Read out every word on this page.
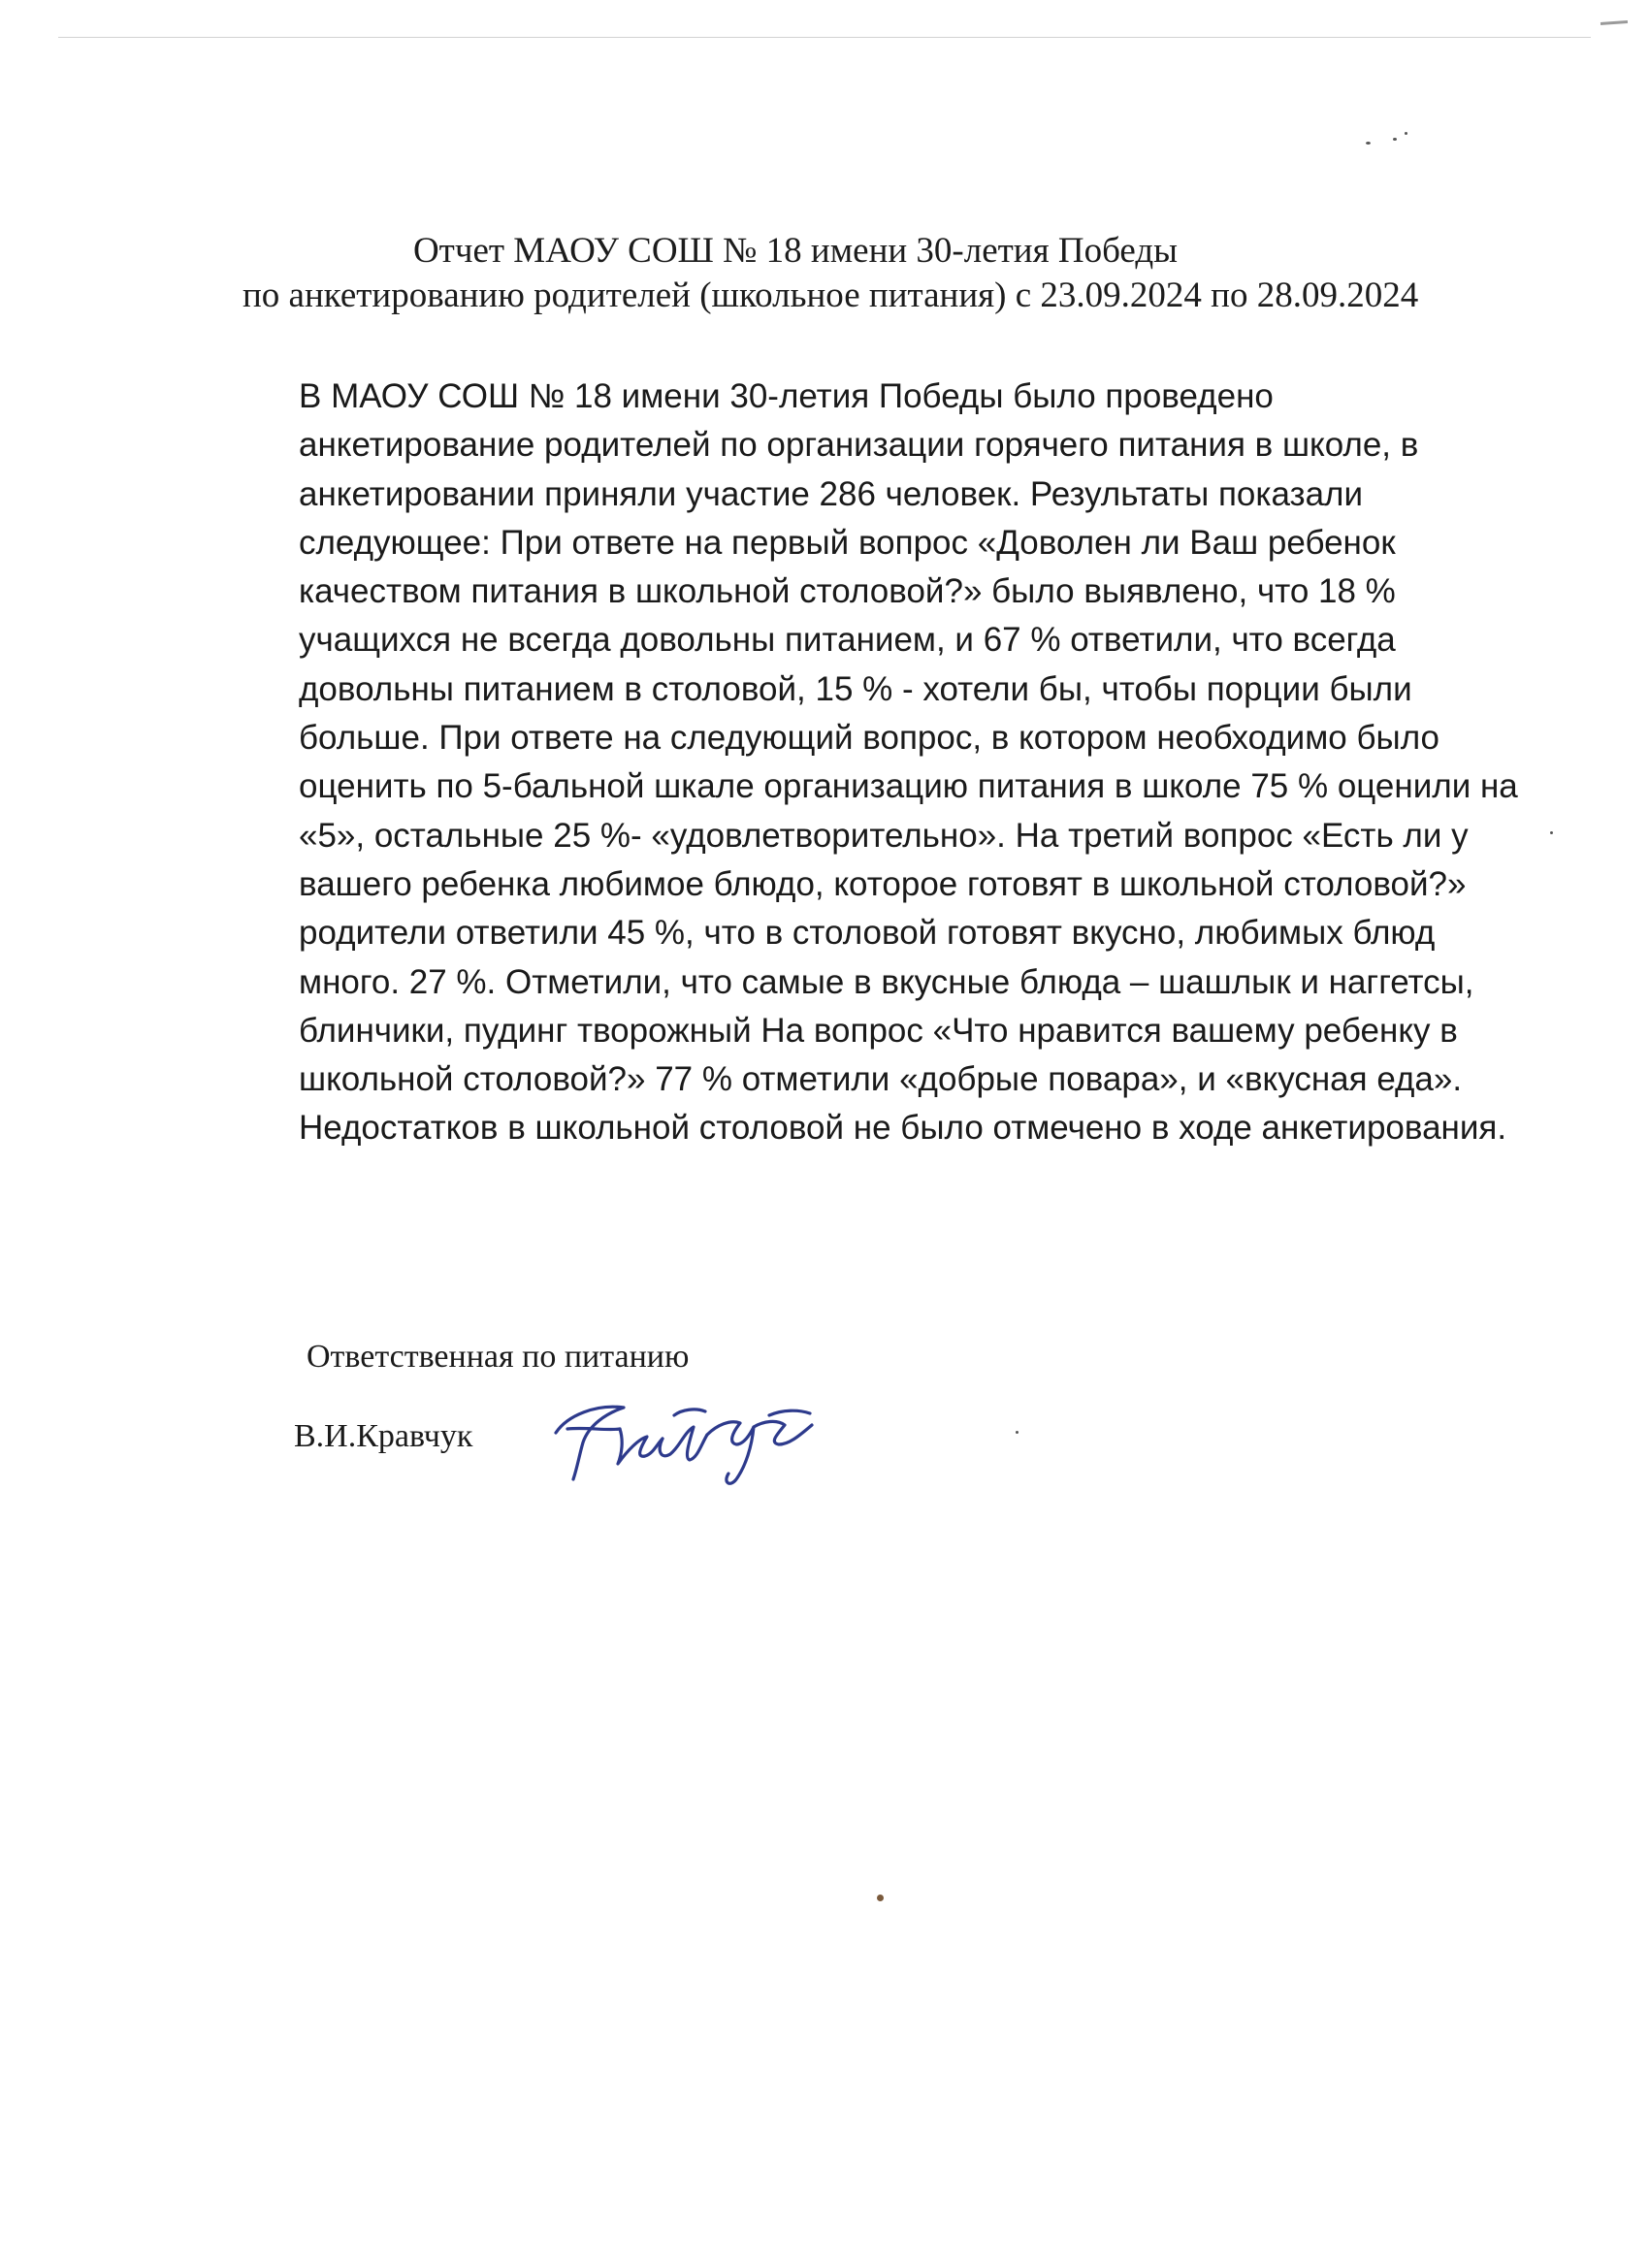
Отчет МАОУ СОШ № 18 имени 30-летия Победы
по анкетированию родителей (школьное питания) с 23.09.2024 по 28.09.2024
В МАОУ СОШ № 18 имени 30-летия Победы было проведено
анкетирование родителей по организации горячего питания в школе, в
анкетировании приняли участие 286 человек. Результаты показали
следующее: При ответе на первый вопрос «Доволен ли Ваш ребенок
качеством питания в школьной столовой?» было выявлено, что 18 %
учащихся не всегда довольны питанием, и 67 % ответили, что всегда
довольны питанием в столовой, 15 % - хотели бы, чтобы порции были
больше. При ответе на следующий вопрос, в котором необходимо было
оценить по 5-бальной шкале организацию питания в школе 75 % оценили на
«5», остальные 25 %- «удовлетворительно». На третий вопрос «Есть ли у
вашего ребенка любимое блюдо, которое готовят в школьной столовой?»
родители ответили 45 %, что в столовой готовят вкусно, любимых блюд
много. 27 %. Отметили, что самые в вкусные блюда – шашлык и наггетсы,
блинчики, пудинг творожный На вопрос «Что нравится вашему ребенку в
школьной столовой?» 77 % отметили «добрые повара», и «вкусная еда».
Недостатков в школьной столовой не было отмечено в ходе анкетирования.
Ответственная по питанию
В.И.Кравчук
